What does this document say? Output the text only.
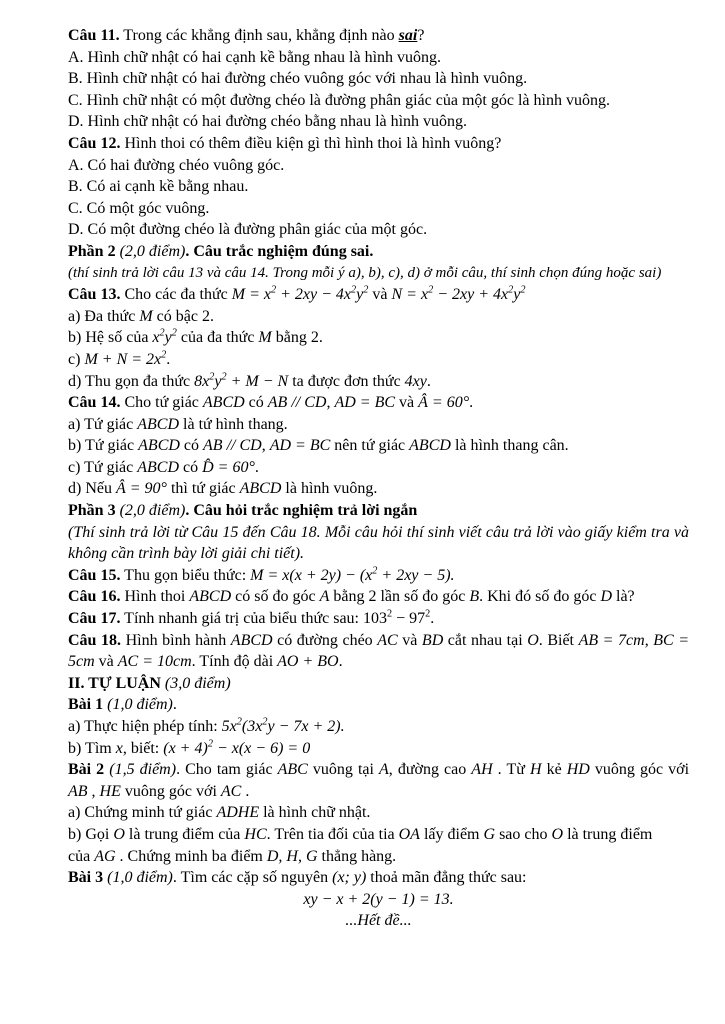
Câu 11. Trong các khẳng định sau, khẳng định nào sai?

A. Hình chữ nhật có hai cạnh kề bằng nhau là hình vuông.

B. Hình chữ nhật có hai đường chéo vuông góc với nhau là hình vuông.

C. Hình chữ nhật có một đường chéo là đường phân giác của một góc là hình vuông.

D. Hình chữ nhật có hai đường chéo bằng nhau là hình vuông.

Câu 12. Hình thoi có thêm điều kiện gì thì hình thoi là hình vuông?

A. Có hai đường chéo vuông góc.

B. Có ai cạnh kề bằng nhau.

C. Có một góc vuông.

D. Có một đường chéo là đường phân giác của một góc.

Phần 2 (2,0 điểm). Câu trắc nghiệm đúng sai.

(thí sinh trả lời câu 13 và câu 14. Trong mỗi ý a), b), c), d) ở mỗi câu, thí sinh chọn đúng hoặc sai)

Câu 13. Cho các đa thức $M = x^2 + 2xy - 4x^2y^2$ và $N = x^2 - 2xy + 4x^2y^2$

a) Đa thức M có bậc 2.

b) Hệ số của $x^2y^2$ của đa thức M bằng 2.

c) $M + N = 2x^2$.

d) Thu gọn đa thức $8x^2y^2 + M - N$ ta được đơn thức 4xy.

Câu 14. Cho tứ giác ABCD có AB // CD, AD = BC và Â = 60°.

a) Tứ giác ABCD là tứ hình thang.

b) Tứ giác ABCD có AB // CD, AD = BC nên tứ giác ABCD là hình thang cân.

c) Tứ giác ABCD có D̂ = 60°.

d) Nếu Â = 90° thì tứ giác ABCD là hình vuông.

Phần 3 (2,0 điểm). Câu hỏi trắc nghiệm trả lời ngắn

(Thí sinh trả lời từ Câu 15 đến Câu 18. Mỗi câu hỏi thí sinh viết câu trả lời vào giấy kiểm tra và không cần trình bày lời giải chi tiết).

Câu 15. Thu gọn biểu thức: $M = x(x + 2y) - (x^2 + 2xy - 5)$.

Câu 16. Hình thoi ABCD có số đo góc A bằng 2 lần số đo góc B. Khi đó số đo góc D là?

Câu 17. Tính nhanh giá trị của biểu thức sau: $103^2 - 97^2$.

Câu 18. Hình bình hành ABCD có đường chéo AC và BD cắt nhau tại O. Biết AB = 7cm, BC = 5cm và AC = 10cm. Tính độ dài AO + BO.

II. TỰ LUẬN (3,0 điểm)

Bài 1 (1,0 điểm).

a) Thực hiện phép tính: $5x^2(3x^2y - 7x + 2)$.

b) Tìm x, biết: $(x + 4)^2 - x(x - 6) = 0$

Bài 2 (1,5 điểm). Cho tam giác ABC vuông tại A, đường cao AH . Từ H kẻ HD vuông góc với AB , HE vuông góc với AC .

a) Chứng minh tứ giác ADHE là hình chữ nhật.

b) Gọi O là trung điểm của HC. Trên tia đối của tia OA lấy điểm G sao cho O là trung điểm

của AG . Chứng minh ba điểm D, H, G thẳng hàng.

Bài 3 (1,0 điểm). Tìm các cặp số nguyên (x; y) thoả mãn đẳng thức sau:

xy − x + 2(y − 1) = 13.

...Hết đề...
